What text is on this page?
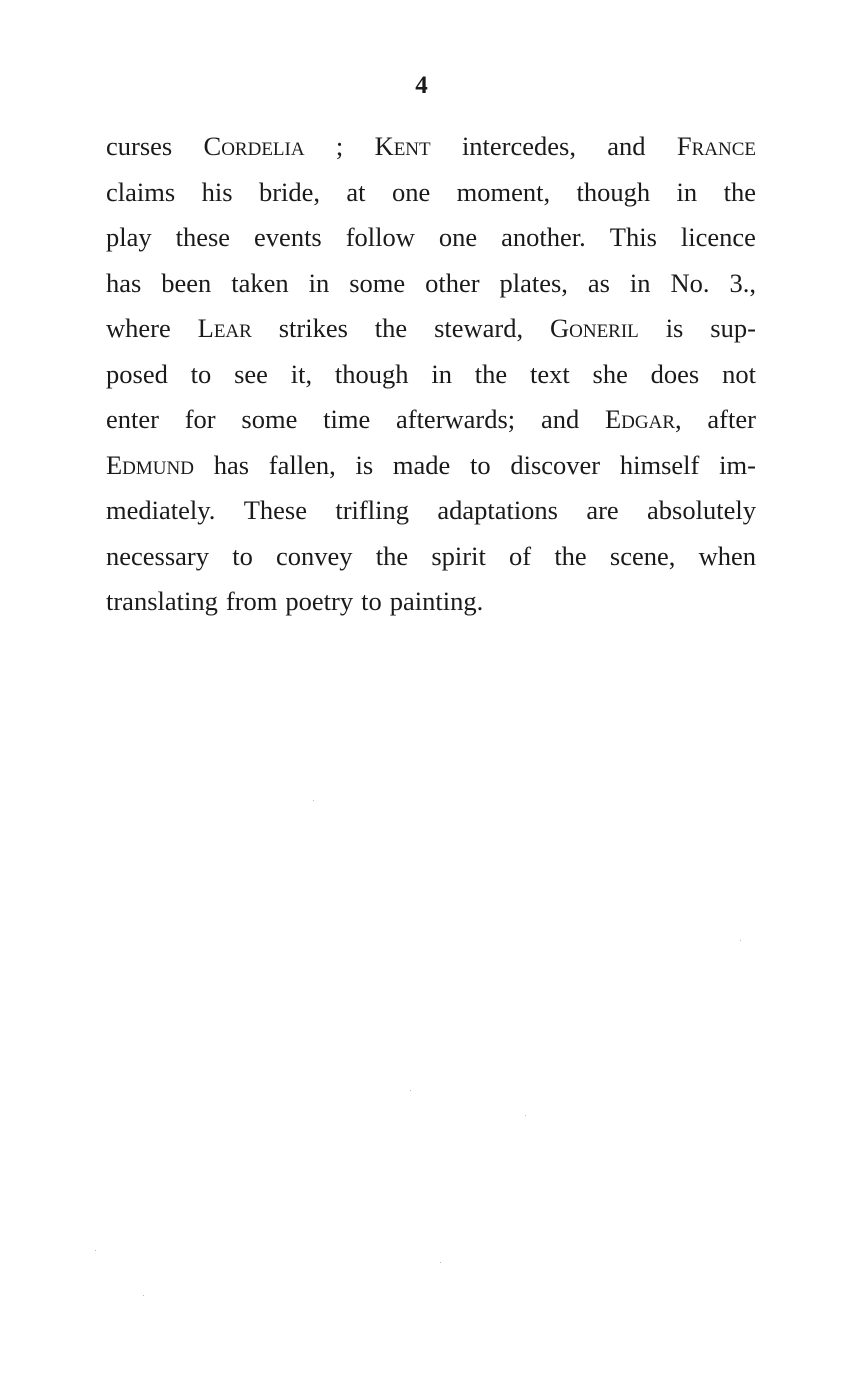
4
curses Cordelia ; Kent intercedes, and France
claims his bride, at one moment, though in the
play these events follow one another. This licence
has been taken in some other plates, as in No. 3.,
where Lear strikes the steward, Goneril is sup-
posed to see it, though in the text she does not
enter for some time afterwards; and Edgar, after
Edmund has fallen, is made to discover himself im-
mediately. These trifling adaptations are absolutely
necessary to convey the spirit of the scene, when
translating from poetry to painting.
